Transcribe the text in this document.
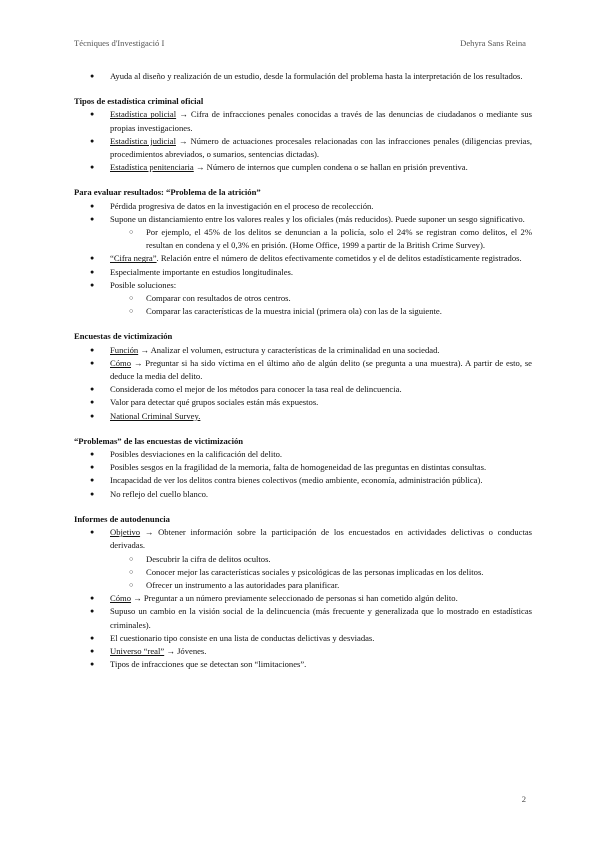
Técniques d'Investigació I	Dehyra Sans Reina
● Ayuda al diseño y realización de un estudio, desde la formulación del problema hasta la interpretación de los resultados.
Tipos de estadística criminal oficial
● Estadística policial → Cifra de infracciones penales conocidas a través de las denuncias de ciudadanos o mediante sus propias investigaciones.
● Estadística judicial → Número de actuaciones procesales relacionadas con las infracciones penales (diligencias previas, procedimientos abreviados, o sumarios, sentencias dictadas).
● Estadística penitenciaria → Número de internos que cumplen condena o se hallan en prisión preventiva.
Para evaluar resultados: “Problema de la atrición”
● Pérdida progresiva de datos en la investigación en el proceso de recolección.
● Supone un distanciamiento entre los valores reales y los oficiales (más reducidos). Puede suponer un sesgo significativo.
○ Por ejemplo, el 45% de los delitos se denuncian a la policía, solo el 24% se registran como delitos, el 2% resultan en condena y el 0,3% en prisión. (Home Office, 1999 a partir de la British Crime Survey).
● “Cifra negra”. Relación entre el número de delitos efectivamente cometidos y el de delitos estadísticamente registrados.
● Especialmente importante en estudios longitudinales.
● Posible soluciones:
○ Comparar con resultados de otros centros.
○ Comparar las características de la muestra inicial (primera ola) con las de la siguiente.
Encuestas de victimización
● Función → Analizar el volumen, estructura y características de la criminalidad en una sociedad.
● Cómo → Preguntar si ha sido víctima en el último año de algún delito (se pregunta a una muestra). A partir de esto, se deduce la media del delito.
● Considerada como el mejor de los métodos para conocer la tasa real de delincuencia.
● Valor para detectar qué grupos sociales están más expuestos.
● National Criminal Survey.
“Problemas” de las encuestas de victimización
● Posibles desviaciones en la calificación del delito.
● Posibles sesgos en la fragilidad de la memoria, falta de homogeneidad de las preguntas en distintas consultas.
● Incapacidad de ver los delitos contra bienes colectivos (medio ambiente, economía, administración pública).
● No reflejo del cuello blanco.
Informes de autodenuncia
● Objetivo → Obtener información sobre la participación de los encuestados en actividades delictivas o conductas derivadas.
○ Descubrir la cifra de delitos ocultos.
○ Conocer mejor las características sociales y psicológicas de las personas implicadas en los delitos.
○ Ofrecer un instrumento a las autoridades para planificar.
● Cómo → Preguntar a un número previamente seleccionado de personas si han cometido algún delito.
● Supuso un cambio en la visión social de la delincuencia (más frecuente y generalizada que lo mostrado en estadísticas criminales).
● El cuestionario tipo consiste en una lista de conductas delictivas y desviadas.
● Universo “real” → Jóvenes.
● Tipos de infracciones que se detectan son “limitaciones”.
2
